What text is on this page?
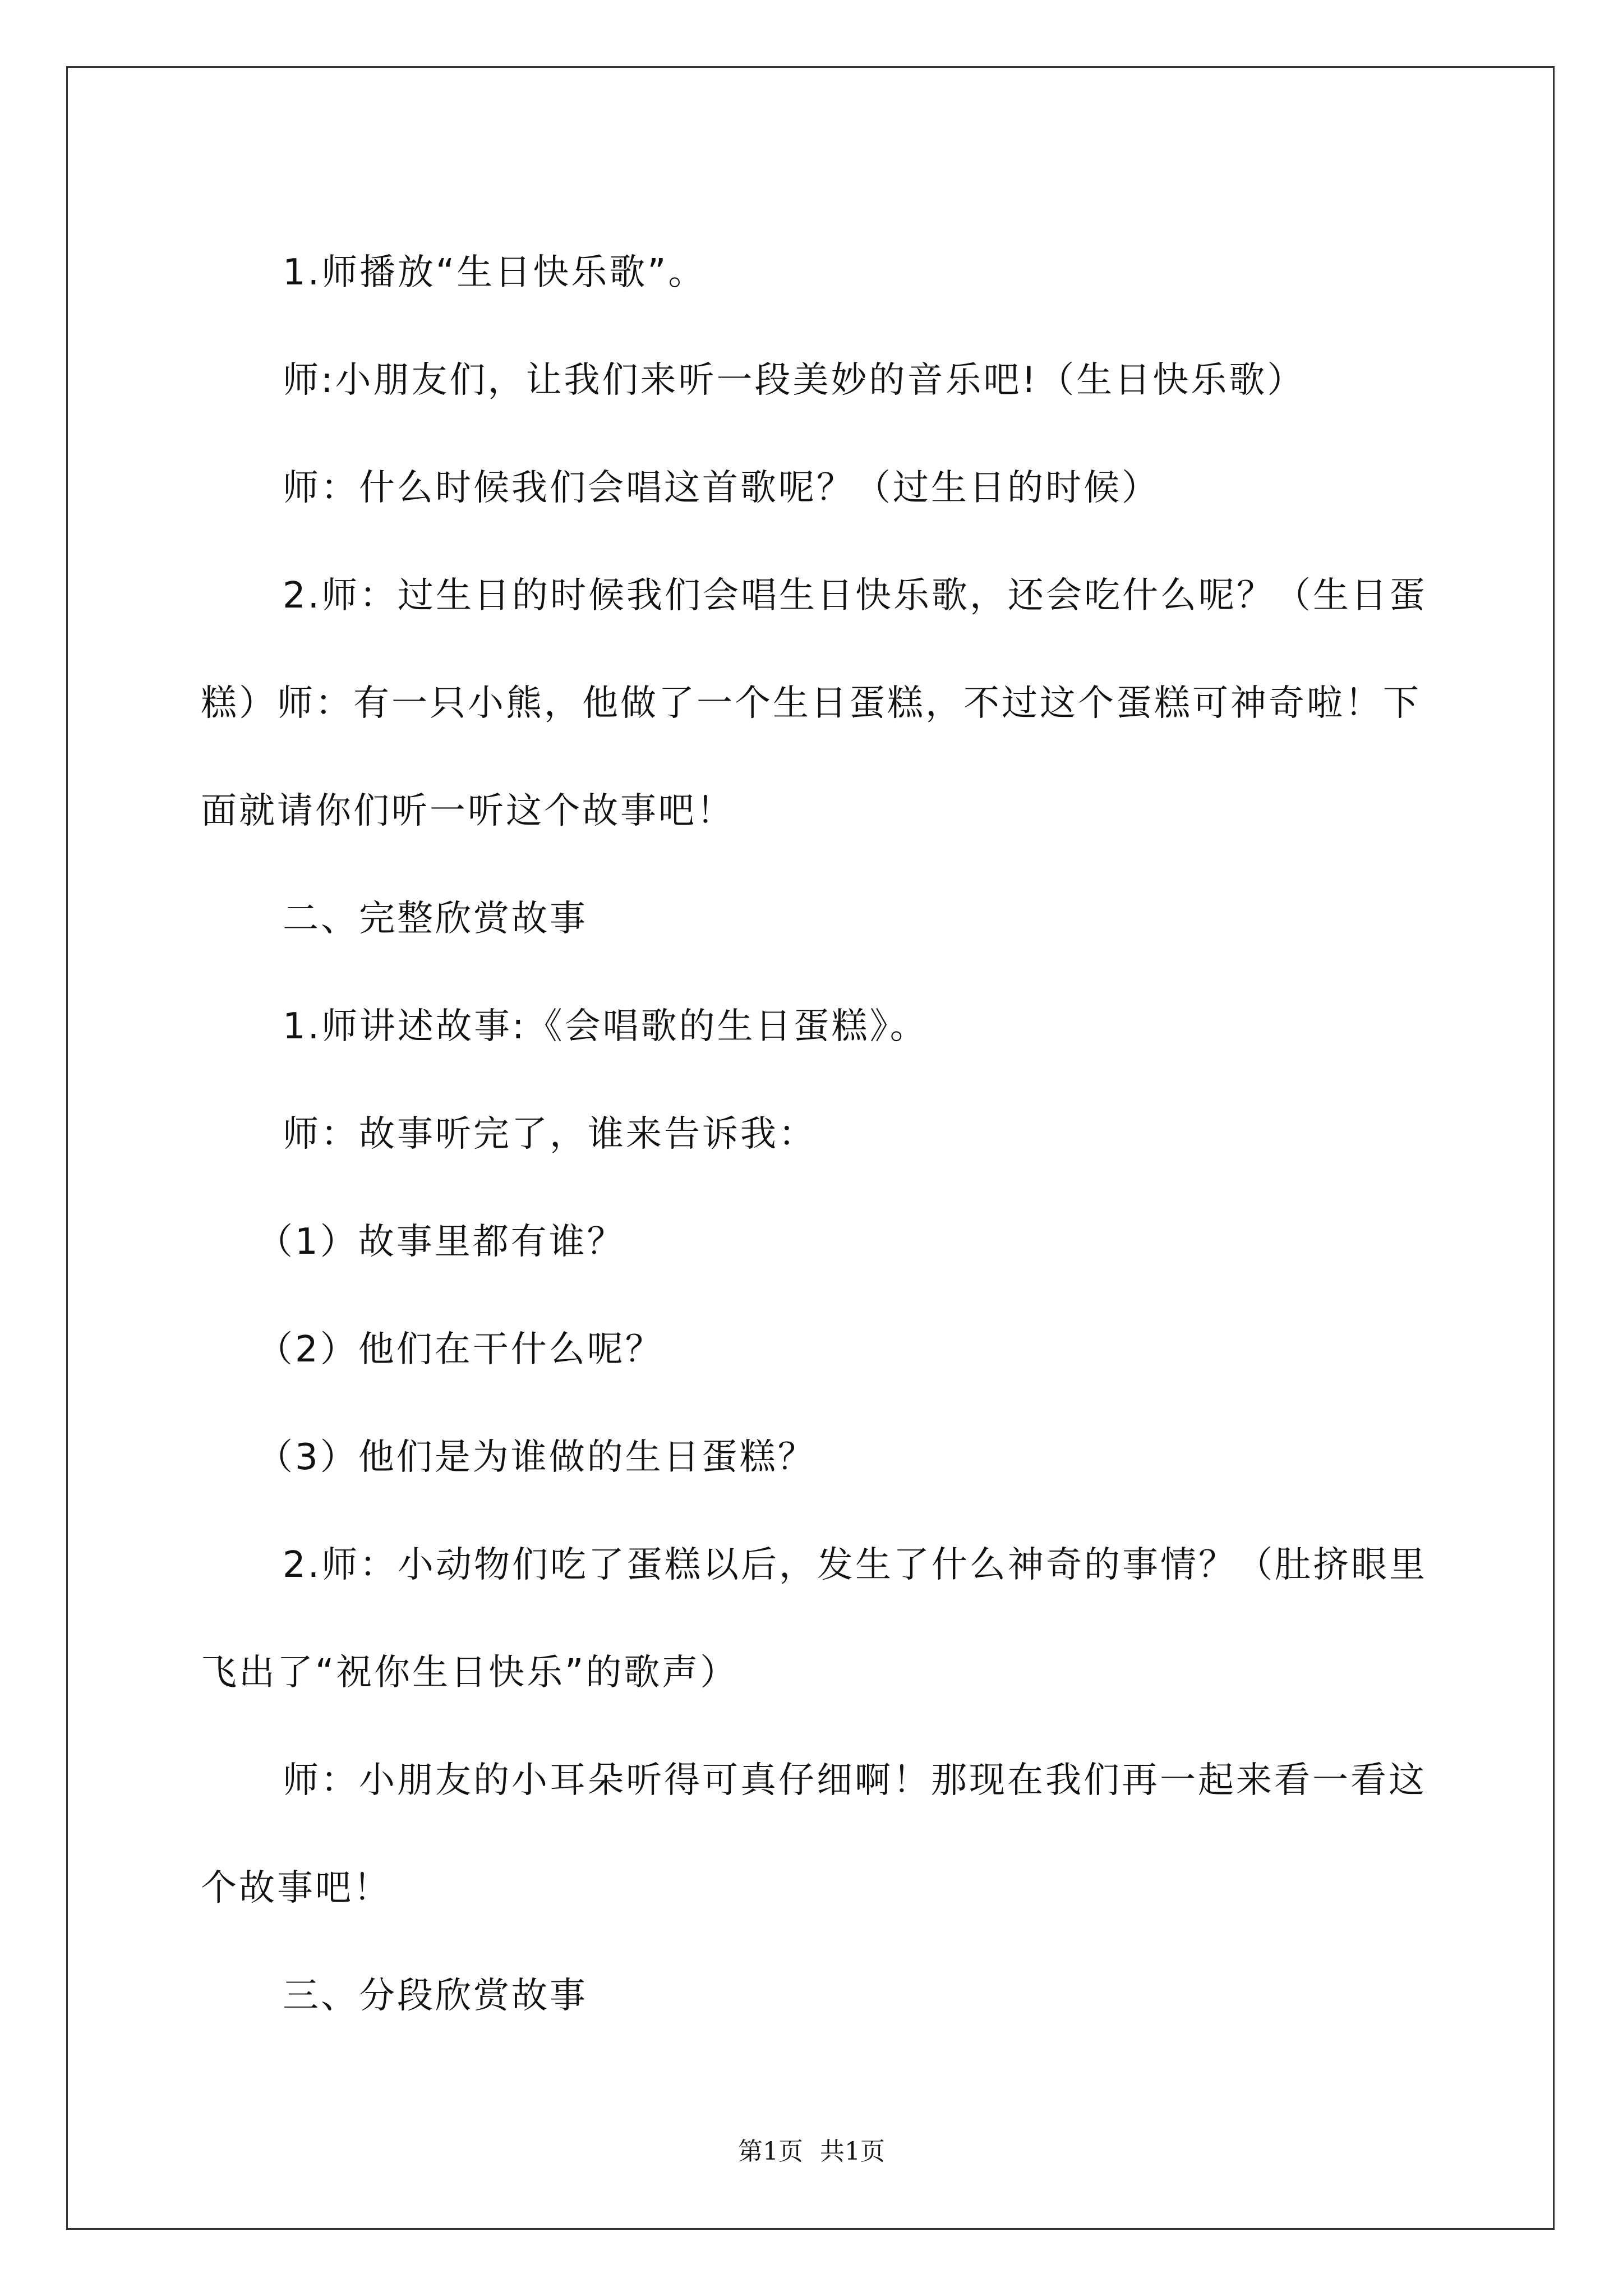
1.师播放“生日快乐歌”。

师:小朋友们，让我们来听一段美妙的音乐吧!（生日快乐歌）

师：什么时候我们会唱这首歌呢？（过生日的时候）

2.师：过生日的时候我们会唱生日快乐歌，还会吃什么呢？（生日蛋糕）师：有一只小熊，他做了一个生日蛋糕，不过这个蛋糕可神奇啦！下面就请你们听一听这个故事吧！

二、完整欣赏故事

1.师讲述故事:《会唱歌的生日蛋糕》。

师：故事听完了，谁来告诉我：

（1）故事里都有谁？

（2）他们在干什么呢？

（3）他们是为谁做的生日蛋糕？

2.师：小动物们吃了蛋糕以后，发生了什么神奇的事情？（肚挤眼里飞出了“祝你生日快乐”的歌声）

师：小朋友的小耳朵听得可真仔细啊！那现在我们再一起来看一看这个故事吧！

三、分段欣赏故事

第1页 共1页
